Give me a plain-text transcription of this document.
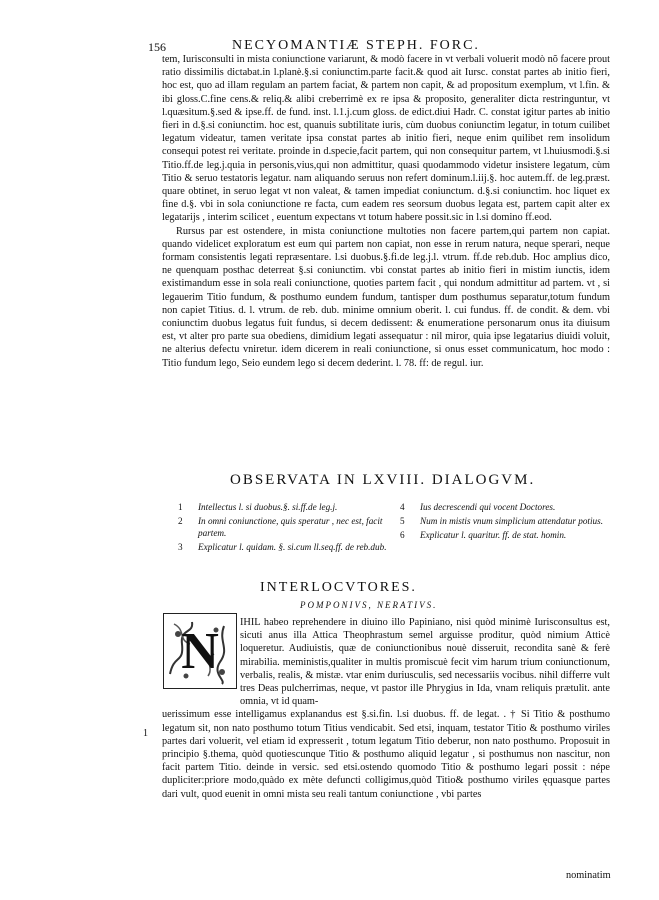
156	NECYOMANTIÆ STEPH. FORC.

tem, Iurisconsulti in mista coniunctione variarunt, & modò facere in vt verbali voluerit modò nõ facere prout ratio dissimilis dictabat.in l.planè.§.si coniunctim.parte facit.& quod ait Iursc. constat partes ab initio fieri, hoc est, quo ad illam regulam an partem faciat, & partem non capit, & ad propositum exemplum, vt l.fin. & ibi gloss.C.fine cens.& reliq.& alibi creberrimè ex re ipsa & proposito, generaliter dicta restringuntur, vt l.quæsitum.§.sed & ipse.ff. de fund. inst. l.1.j.cum gloss. de edict.diui Hadr. C. constat igitur partes ab initio fieri in d.§.si coniunctim. hoc est, quanuis subtilitate iuris, cùm duobus coniunctim legatur, in totum cuilibet legatum videatur, tamen veritate ipsa constat partes ab initio fieri, neque enim quilibet rem insolidum consequi potest rei veritate. proinde in d.specie,facit partem, qui non consequitur partem, vt l.huiusmodi.§.si Titio.ff.de leg.j.quia in personis,vius,qui non admittitur, quasi quodammodo videtur insistere legatum, cùm Titio & seruo testatoris legatur. nam aliquando seruus non refert dominum.l.iij.§. hoc autem.ff. de leg.præst. quare obtinet, in seruo legat vt non valeat, & tamen impediat coniunctum. d.§.si coniunctim. hoc liquet ex fine d.§. vbi in sola coniunctione re facta, cum eadem res seorsum duobus legata est, partem capit alter ex legatarijs , interim scilicet , euentum expectans vt totum habere possit.sic in l.si domino ff.eod.

Rursus par est ostendere, in mista coniunctione multoties non facere partem,qui partem non capiat. quando videlicet exploratum est eum qui partem non capiat, non esse in rerum natura, neque sperari, neque formam consistentis legati repræsentare. l.si duobus.§.fi.de leg.j.l. vtrum. ff.de reb.dub. Hoc amplius dico, ne quenquam posthac deterreat §.si coniunctim. vbi constat partes ab initio fieri in mistim iunctis, idem existimandum esse in sola reali coniunctione, quoties partem facit , qui nondum admittitur ad partem. vt , si legauerim Titio fundum, & posthumo eundem fundum, tantisper dum posthumus separatur,totum fundum non capiet Titius. d. l. vtrum. de reb. dub. minime omnium oberit. l. cui fundus. ff. de condit. & dem. vbi coniunctim duobus legatus fuit fundus, si decem dedissent: & enumeratione personarum onus ita diuisum est, vt alter pro parte sua obediens, dimidium legati assequatur : nil miror, quia ipse legatarius diuidi voluit, ne alterius defectu vniretur. idem dicerem in reali coniunctione, si onus esset communicatum, hoc modo : Titio fundum lego, Seio eundem lego si decem dederint. l. 78. ff: de regul. iur.

OBSERVATA IN LXVIII. DIALOGVM.
1	Intellectus l. si duobus.§. si.ff.de leg.j.
2	In omni coniunctione, quis speratur , nec est, facit partem.
3	Explicatur l. quidam. §. si.cum ll.seq.ff. de reb.dub.
4	Ius decrescendi qui vocent Doctores.
5	Num in mistis vnum simplicium attendatur potius.
6	Explicatur l. quaritur. ff. de stat. homin.
INTERLOCVTORES.
POMPONIVS, NERATIVS.
IHIL habeo reprehendere in diuino illo Papiniano, nisi quòd minimè Iurisconsultus est, sicuti anus illa Attica Theophrastum semel arguisse proditur, quòd nimium Atticè loqueretur. Audiuistis, quæ de coniunctionibus nouè disseruit, recondita sanè & ferè mirabilia. meministis,qualiter in multis promiscuè fecit vim harum trium coniunctionum, verbalis, realis, & mistæ. vtar enim duriusculis, sed necessariis vocibus. nihil differre vult tres Deas pulcherrimas, neque, vt pastor ille Phrygius in Ida, vnam reliquis prætulit. ante omnia, vt id quam-
uerissimum esse intelligamus explanandus est §.si.fin. l.si duobus. ff. de legat. . † Si Titio & posthumo legatum sit, non nato posthumo totum Titius vendicabit. Sed etsi, inquam, testator Titio & posthumo viriles partes dari voluerit, vel etiam id expresserit , totum legatum Titio deberur, non nato posthumo. Proposuit in principio §.thema, quòd quotiescunque Titio & posthumo aliquid legatur , si posthumus non nascitur, non facit partem Titio. deinde in versic. sed etsi.ostendo quomodo Titio & posthumo legari possit : népe dupliciter:priore modo,quàdo ex mète defuncti colligimus,quòd Titio& posthumo viriles ęquasque partes dari vult, quod euenit in omni mista seu reali tantum coniunctione , vbi partes
N
1
nominatim
